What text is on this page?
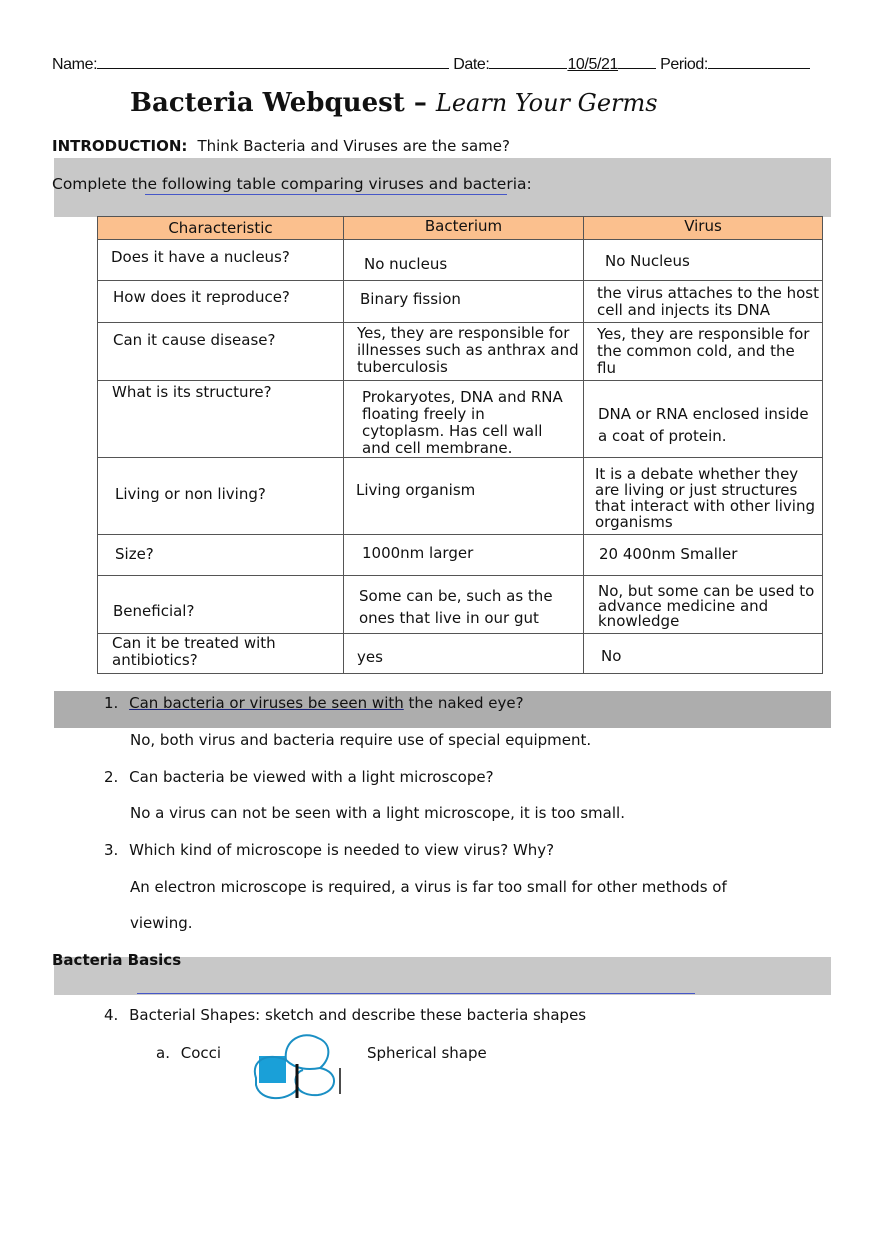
Name:	Date:	10/5/21	Period:
Bacteria Webquest – Learn Your Germs
INTRODUCTION: Think Bacteria and Viruses are the same?
Complete the following table comparing viruses and bacteria:
Characteristic	Bacterium	Virus

Does it have a nucleus?	No nucleus	No Nucleus

How does it reproduce?	Binary fission	the virus attaches to the host cell and injects its DNA

Can it cause disease?	Yes, they are responsible for illnesses such as anthrax and tuberculosis	Yes, they are responsible for the common cold, and the flu

What is its structure?	Prokaryotes, DNA and RNA floating freely in cytoplasm. Has cell wall and cell membrane.	DNA or RNA enclosed inside a coat of protein.

Living or non living?	Living organism	It is a debate whether they are living or just structures that interact with other living organisms

Size?	1000nm larger	20 400nm Smaller

Beneficial?	Some can be, such as the ones that live in our gut	No, but some can be used to advance medicine and knowledge

Can it be treated with antibiotics?	yes	No
1. Can bacteria or viruses be seen with the naked eye?
No, both virus and bacteria require use of special equipment.
2. Can bacteria be viewed with a light microscope?
No a virus can not be seen with a light microscope, it is too small.
3. Which kind of microscope is needed to view virus? Why?
An electron microscope is required, a virus is far too small for other methods of
viewing.
Bacteria Basics
4. Bacterial Shapes: sketch and describe these bacteria shapes
a. Cocci	Spherical shape
